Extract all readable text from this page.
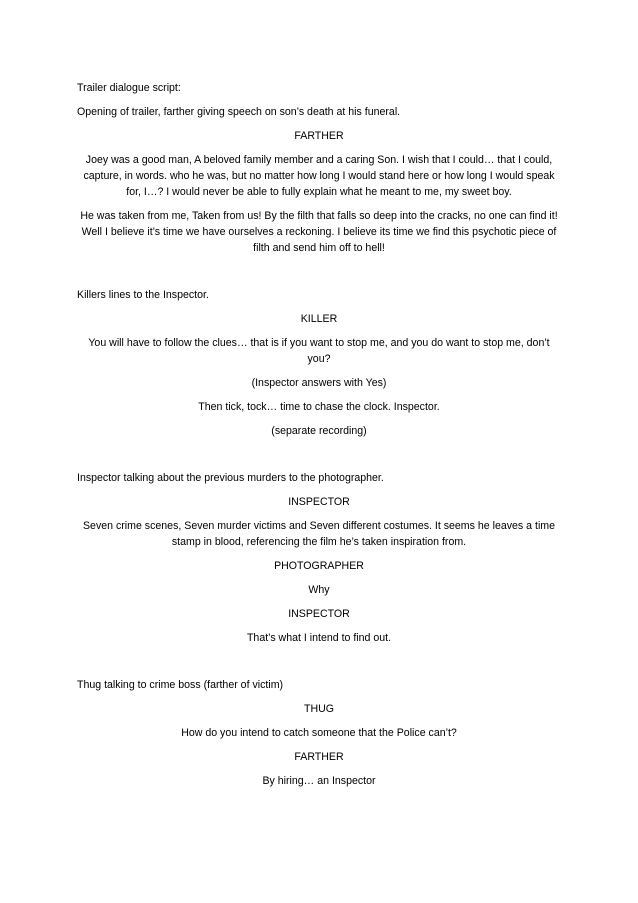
Trailer dialogue script:

Opening of trailer, farther giving speech on son’s death at his funeral.

FARTHER

Joey was a good man, A beloved family member and a caring Son. I wish that I could… that I could, capture, in words. who he was, but no matter how long I would stand here or how long I would speak for, I…? I would never be able to fully explain what he meant to me, my sweet boy.

He was taken from me, Taken from us! By the filth that falls so deep into the cracks, no one can find it! Well I believe it’s time we have ourselves a reckoning. I believe its time we find this psychotic piece of filth and send him off to hell!

Killers lines to the Inspector.

KILLER

You will have to follow the clues… that is if you want to stop me, and you do want to stop me, don’t you?

(Inspector answers with Yes)

Then tick, tock… time to chase the clock. Inspector.

(separate recording)

Inspector talking about the previous murders to the photographer.

INSPECTOR

Seven crime scenes, Seven murder victims and Seven different costumes. It seems he leaves a time stamp in blood, referencing the film he’s taken inspiration from.

PHOTOGRAPHER

Why

INSPECTOR

That’s what I intend to find out.

Thug talking to crime boss (farther of victim)

THUG

How do you intend to catch someone that the Police can’t?

FARTHER

By hiring… an Inspector
